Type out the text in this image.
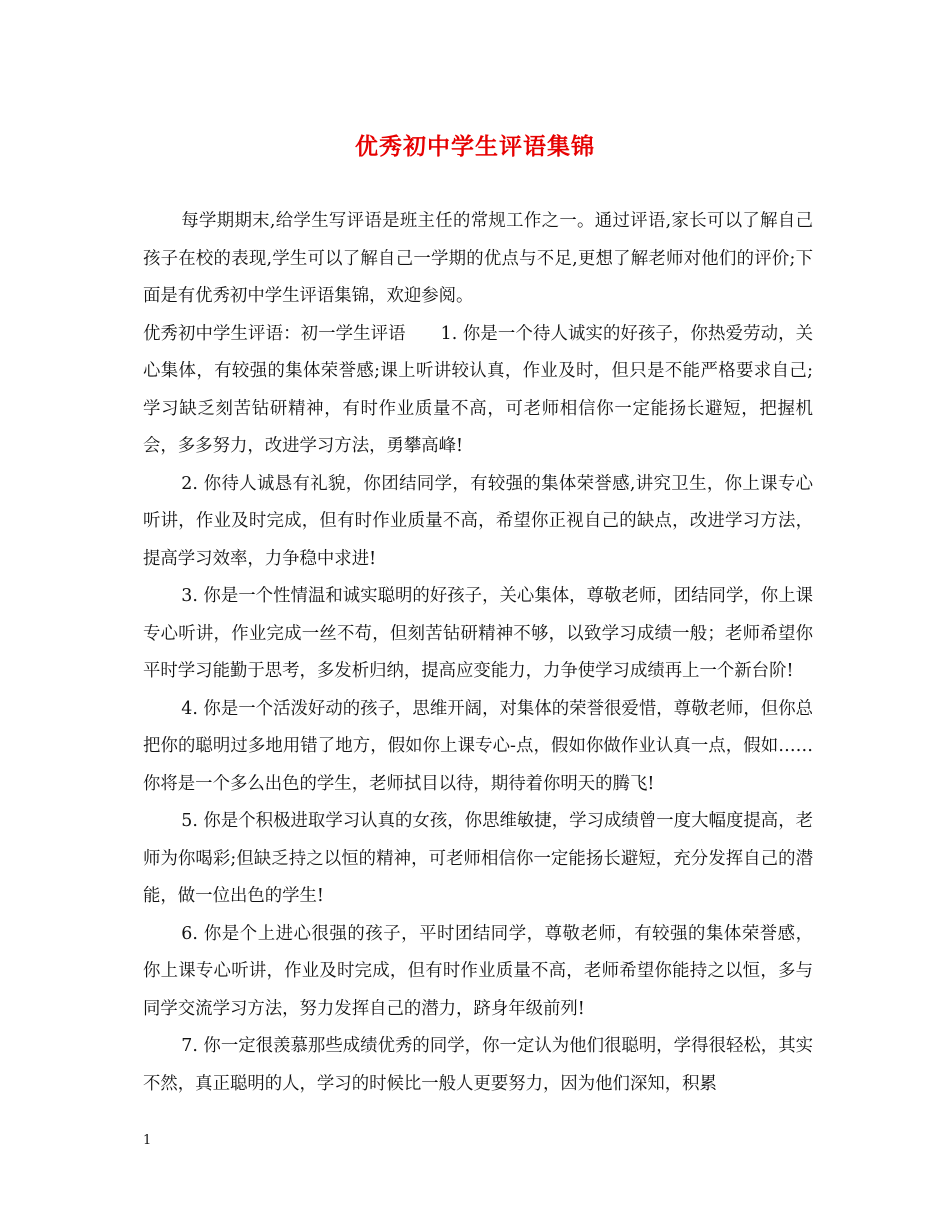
优秀初中学生评语集锦

每学期期末,给学生写评语是班主任的常规工作之一。通过评语,家长可以了解自己孩子在校的表现,学生可以了解自己一学期的优点与不足,更想了解老师对他们的评价;下面是有优秀初中学生评语集锦，欢迎参阅。

优秀初中学生评语：初一学生评语　　1. 你是一个待人诚实的好孩子，你热爱劳动，关心集体，有较强的集体荣誉感;课上听讲较认真，作业及时，但只是不能严格要求自己;学习缺乏刻苦钻研精神，有时作业质量不高，可老师相信你一定能扬长避短，把握机会，多多努力，改进学习方法，勇攀高峰!

2. 你待人诚恳有礼貌，你团结同学，有较强的集体荣誉感,讲究卫生，你上课专心听讲，作业及时完成，但有时作业质量不高，希望你正视自己的缺点，改进学习方法，提高学习效率，力争稳中求进!

3. 你是一个性情温和诚实聪明的好孩子，关心集体，尊敬老师，团结同学，你上课专心听讲，作业完成一丝不苟，但刻苦钻研精神不够，以致学习成绩一般；老师希望你平时学习能勤于思考，多发析归纳，提高应变能力，力争使学习成绩再上一个新台阶!

4. 你是一个活泼好动的孩子，思维开阔，对集体的荣誉很爱惜，尊敬老师，但你总把你的聪明过多地用错了地方，假如你上课专心-点，假如你做作业认真一点，假如……你将是一个多么出色的学生，老师拭目以待，期待着你明天的腾飞!

5. 你是个积极进取学习认真的女孩，你思维敏捷，学习成绩曾一度大幅度提高，老师为你喝彩;但缺乏持之以恒的精神，可老师相信你一定能扬长避短，充分发挥自己的潜能，做一位出色的学生!

6. 你是个上进心很强的孩子，平时团结同学，尊敬老师，有较强的集体荣誉感， 你上课专心听讲，作业及时完成，但有时作业质量不高，老师希望你能持之以恒，多与同学交流学习方法，努力发挥自己的潜力，跻身年级前列!

7. 你一定很羡慕那些成绩优秀的同学，你一定认为他们很聪明，学得很轻松，其实不然，真正聪明的人，学习的时候比一般人更要努力，因为他们深知，积累

1
